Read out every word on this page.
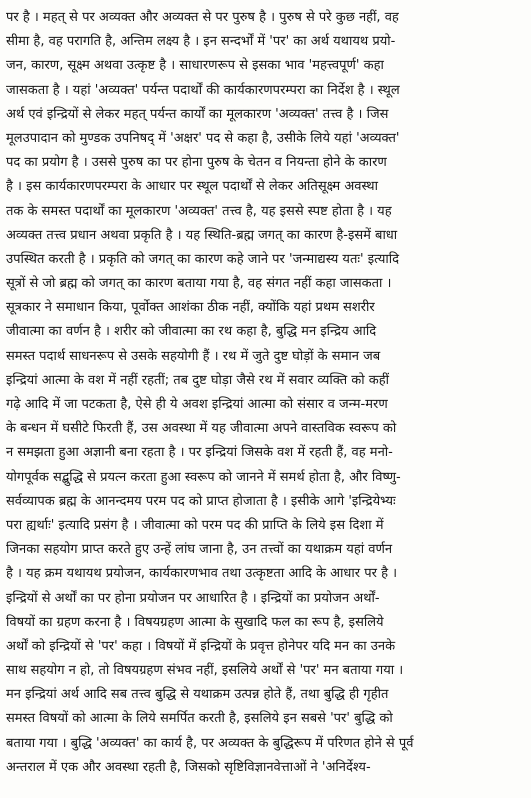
पर है । महत् से पर अव्यक्त और अव्यक्त से पर पुरुष है । पुरुष से परे कुछ नहीं, वह
सीमा है, वह परागति है, अन्तिम लक्ष्य है । इन सन्दर्भों में 'पर' का अर्थ यथायथ प्रयो-
जन, कारण, सूक्ष्म अथवा उत्कृष्ट है । साधारणरूप से इसका भाव 'महत्त्वपूर्ण' कहा
जासकता है । यहां 'अव्यक्त' पर्यन्त पदार्थों की कार्यकारणपरम्परा का निर्देश है । स्थूल
अर्थ एवं इन्द्रियों से लेकर महत् पर्यन्त कार्यों का मूलकारण 'अव्यक्त' तत्त्व है । जिस
मूलउपादान को मुण्डक उपनिषद् में 'अक्षर' पद से कहा है, उसीके लिये यहां 'अव्यक्त'
पद का प्रयोग है । उससे पुरुष का पर होना पुरुष के चेतन व नियन्ता होने के कारण
है । इस कार्यकारणपरम्परा के आधार पर स्थूल पदार्थों से लेकर अतिसूक्ष्म अवस्था
तक के समस्त पदार्थों का मूलकारण 'अव्यक्त' तत्त्व है, यह इससे स्पष्ट होता है । यह
अव्यक्त तत्त्व प्रधान अथवा प्रकृति है । यह स्थिति-ब्रह्म जगत् का कारण है-इसमें बाधा
उपस्थित करती है । प्रकृति को जगत् का कारण कहे जाने पर 'जन्माद्यस्य यतः' इत्यादि
सूत्रों से जो ब्रह्म को जगत् का कारण बताया गया है, वह संगत नहीं कहा जासकता ।
सूत्रकार ने समाधान किया, पूर्वोक्त आशंका ठीक नहीं, क्योंकि यहां प्रथम सशरीर
जीवात्मा का वर्णन है । शरीर को जीवात्मा का रथ कहा है, बुद्धि मन इन्द्रिय आदि
समस्त पदार्थ साधनरूप से उसके सहयोगी हैं । रथ में जुते दुष्ट घोड़ों के समान जब
इन्द्रियां आत्मा के वश में नहीं रहतीं; तब दुष्ट घोड़ा जैसे रथ में सवार व्यक्ति को कहीं
गढ़े आदि में जा पटकता है, ऐसे ही ये अवश इन्द्रियां आत्मा को संसार व जन्म-मरण
के बन्धन में घसीटे फिरती हैं, उस अवस्था में यह जीवात्मा अपने वास्तविक स्वरूप को
न समझता हुआ अज्ञानी बना रहता है । पर इन्द्रियां जिसके वश में रहती हैं, वह मनो-
योगपूर्वक सद्बुद्धि से प्रयत्न करता हुआ स्वरूप को जानने में समर्थ होता है, और विष्णु-
सर्वव्यापक ब्रह्म के आनन्दमय परम पद को प्राप्त होजाता है । इसीके आगे 'इन्द्रियेभ्यः
परा ह्यर्थाः' इत्यादि प्रसंग है । जीवात्मा को परम पद की प्राप्ति के लिये इस दिशा में
जिनका सहयोग प्राप्त करते हुए उन्हें लांघ जाना है, उन तत्त्वों का यथाक्रम यहां वर्णन
है । यह क्रम यथायथ प्रयोजन, कार्यकारणभाव तथा उत्कृष्टता आदि के आधार पर है ।
इन्द्रियों से अर्थों का पर होना प्रयोजन पर आधारित है । इन्द्रियों का प्रयोजन अर्थों-
विषयों का ग्रहण करना है । विषयग्रहण आत्मा के सुखादि फल का रूप है, इसलिये
अर्थों को इन्द्रियों से 'पर' कहा । विषयों में इन्द्रियों के प्रवृत्त होनेपर यदि मन का उनके
साथ सहयोग न हो, तो विषयग्रहण संभव नहीं, इसलिये अर्थों से 'पर' मन बताया गया ।
मन इन्द्रियां अर्थ आदि सब तत्त्व बुद्धि से यथाक्रम उत्पन्न होते हैं, तथा बुद्धि ही गृहीत
समस्त विषयों को आत्मा के लिये समर्पित करती है, इसलिये इन सबसे 'पर' बुद्धि को
बताया गया । बुद्धि 'अव्यक्त' का कार्य है, पर अव्यक्त के बुद्धिरूप में परिणत होने से पूर्व
अन्तराल में एक और अवस्था रहती है, जिसको सृष्टिविज्ञानवेत्ताओं ने 'अनिर्देश्य-
